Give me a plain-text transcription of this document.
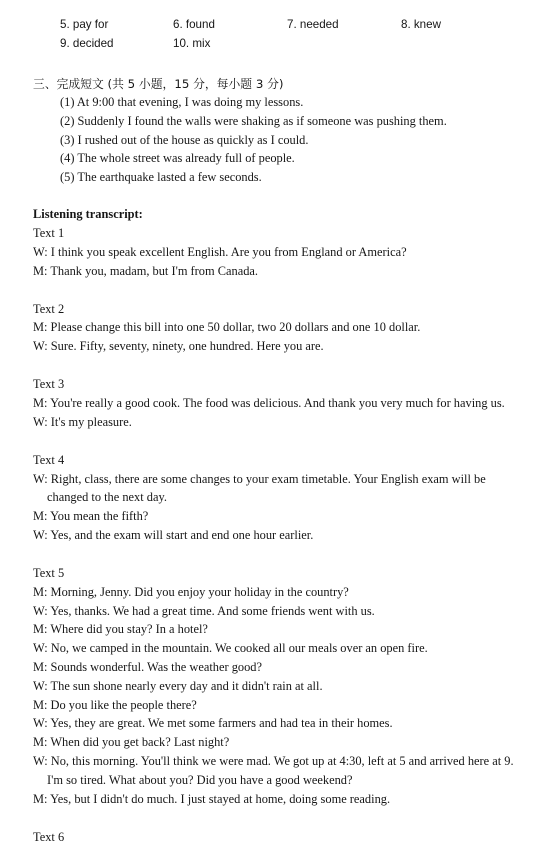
5. pay for	6. found	7. needed	8. knew
9. decided	10. mix
三、完成短文 (共 5 小题，15 分，每小题 3 分)
(1) At 9:00 that evening, I was doing my lessons.
(2) Suddenly I found the walls were shaking as if someone was pushing them.
(3) I rushed out of the house as quickly as I could.
(4) The whole street was already full of people.
(5) The earthquake lasted a few seconds.
Listening transcript:
Text 1
W: I think you speak excellent English. Are you from England or America?
M: Thank you, madam, but I'm from Canada.
Text 2
M: Please change this bill into one 50 dollar, two 20 dollars and one 10 dollar.
W: Sure. Fifty, seventy, ninety, one hundred. Here you are.
Text 3
M: You're really a good cook. The food was delicious. And thank you very much for having us.
W: It's my pleasure.
Text 4
W: Right, class, there are some changes to your exam timetable. Your English exam will be
changed to the next day.
M: You mean the fifth?
W: Yes, and the exam will start and end one hour earlier.
Text 5
M: Morning, Jenny. Did you enjoy your holiday in the country?
W: Yes, thanks. We had a great time. And some friends went with us.
M: Where did you stay? In a hotel?
W: No, we camped in the mountain. We cooked all our meals over an open fire.
M: Sounds wonderful. Was the weather good?
W: The sun shone nearly every day and it didn't rain at all.
M: Do you like the people there?
W: Yes, they are great. We met some farmers and had tea in their homes.
M: When did you get back? Last night?
W: No, this morning. You'll think we were mad. We got up at 4:30, left at 5 and arrived here at 9.
I'm so tired. What about you? Did you have a good weekend?
M: Yes, but I didn't do much. I just stayed at home, doing some reading.
Text 6
